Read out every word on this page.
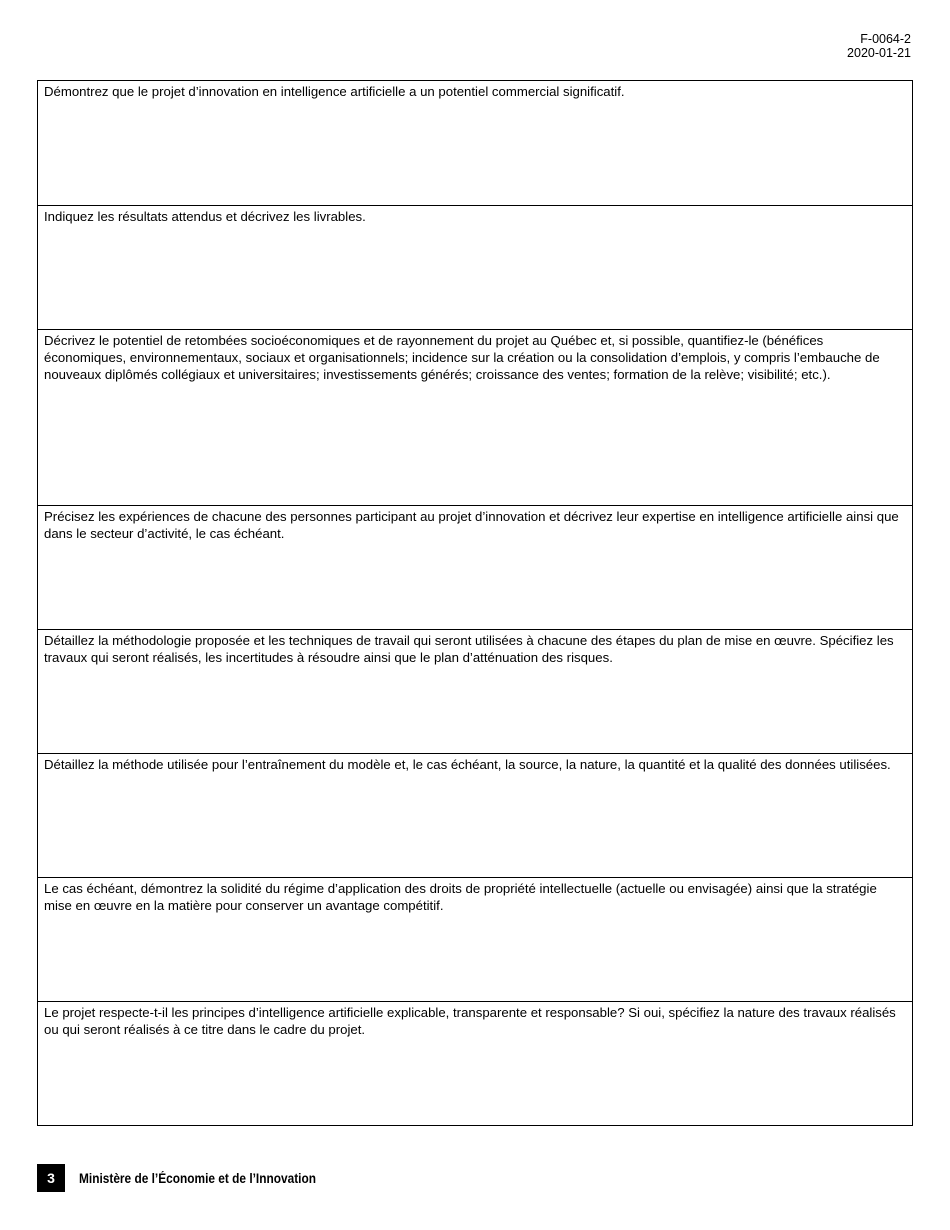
F-0064-2
2020-01-21
Démontrez que le projet d’innovation en intelligence artificielle a un potentiel commercial significatif.
Indiquez les résultats attendus et décrivez les livrables.
Décrivez le potentiel de retombées socioéconomiques et de rayonnement du projet au Québec et, si possible, quantifiez-le (bénéfices économiques, environnementaux, sociaux et organisationnels; incidence sur la création ou la consolidation d’emplois, y compris l’embauche de nouveaux diplômés collégiaux et universitaires; investissements générés; croissance des ventes; formation de la relève; visibilité; etc.).
Précisez les expériences de chacune des personnes participant au projet d’innovation et décrivez leur expertise en intelligence artificielle ainsi que dans le secteur d’activité, le cas échéant.
Détaillez la méthodologie proposée et les techniques de travail qui seront utilisées à chacune des étapes du plan de mise en œuvre. Spécifiez les travaux qui seront réalisés, les incertitudes à résoudre ainsi que le plan d’atténuation des risques.
Détaillez la méthode utilisée pour l’entraînement du modèle et, le cas échéant, la source, la nature, la quantité et la qualité des données utilisées.
Le cas échéant, démontrez la solidité du régime d’application des droits de propriété intellectuelle (actuelle ou envisagée) ainsi que la stratégie mise en œuvre en la matière pour conserver un avantage compétitif.
Le projet respecte-t-il les principes d’intelligence artificielle explicable, transparente et responsable? Si oui, spécifiez la nature des travaux réalisés ou qui seront réalisés à ce titre dans le cadre du projet.
3	Ministère de l’Économie et de l’Innovation
